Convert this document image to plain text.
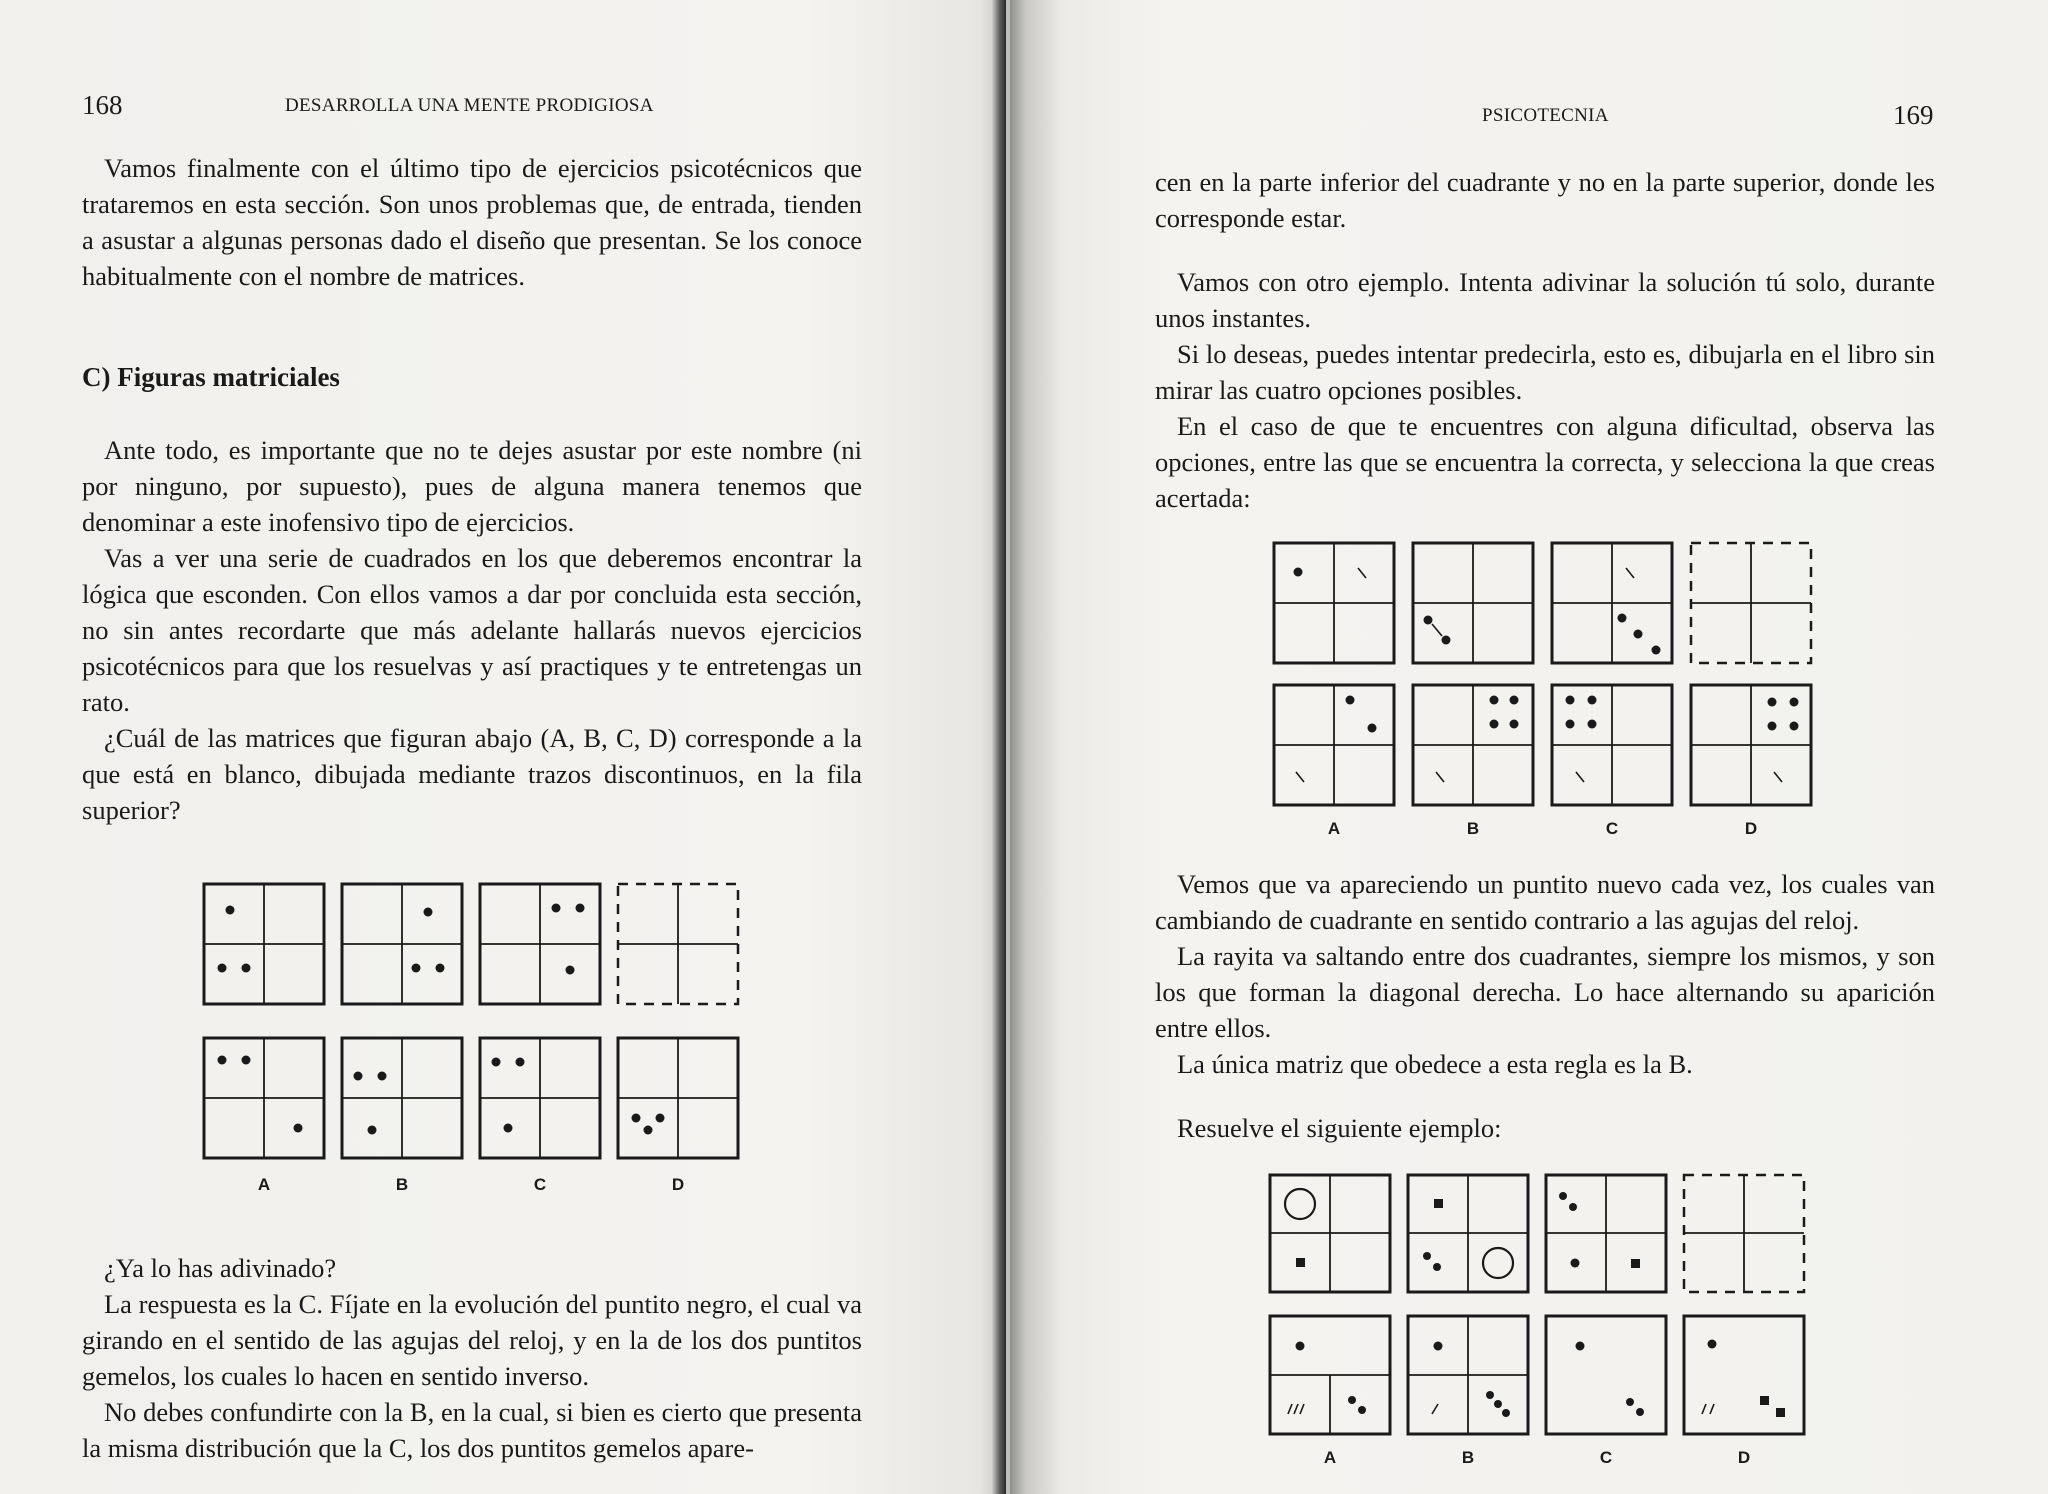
168	DESARROLLA UNA MENTE PRODIGIOSA

Vamos finalmente con el último tipo de ejercicios psicotécnicos que trataremos en esta sección. Son unos problemas que, de entrada, tienden a asustar a algunas personas dado el diseño que presentan. Se los conoce habitualmente con el nombre de matrices.

C) Figuras matriciales

Ante todo, es importante que no te dejes asustar por este nombre (ni por ninguno, por supuesto), pues de alguna manera tenemos que denominar a este inofensivo tipo de ejercicios.

Vas a ver una serie de cuadrados en los que deberemos encontrar la lógica que esconden. Con ellos vamos a dar por concluida esta sección, no sin antes recordarte que más adelante hallarás nuevos ejercicios psicotécnicos para que los resuelvas y así practiques y te entretengas un rato.

¿Cuál de las matrices que figuran abajo (A, B, C, D) corresponde a la que está en blanco, dibujada mediante trazos discontinuos, en la fila superior?

A	B	C	D

¿Ya lo has adivinado?

La respuesta es la C. Fíjate en la evolución del puntito negro, el cual va girando en el sentido de las agujas del reloj, y en la de los dos puntitos gemelos, los cuales lo hacen en sentido inverso.

No debes confundirte con la B, en la cual, si bien es cierto que presenta la misma distribución que la C, los dos puntitos gemelos apare-

PSICOTECNIA	169

cen en la parte inferior del cuadrante y no en la parte superior, donde les corresponde estar.

Vamos con otro ejemplo. Intenta adivinar la solución tú solo, durante unos instantes.

Si lo deseas, puedes intentar predecirla, esto es, dibujarla en el libro sin mirar las cuatro opciones posibles.

En el caso de que te encuentres con alguna dificultad, observa las opciones, entre las que se encuentra la correcta, y selecciona la que creas acertada:

A	B	C	D

Vemos que va apareciendo un puntito nuevo cada vez, los cuales van cambiando de cuadrante en sentido contrario a las agujas del reloj.

La rayita va saltando entre dos cuadrantes, siempre los mismos, y son los que forman la diagonal derecha. Lo hace alternando su aparición entre ellos.

La única matriz que obedece a esta regla es la B.

Resuelve el siguiente ejemplo:

A	B	C	D
